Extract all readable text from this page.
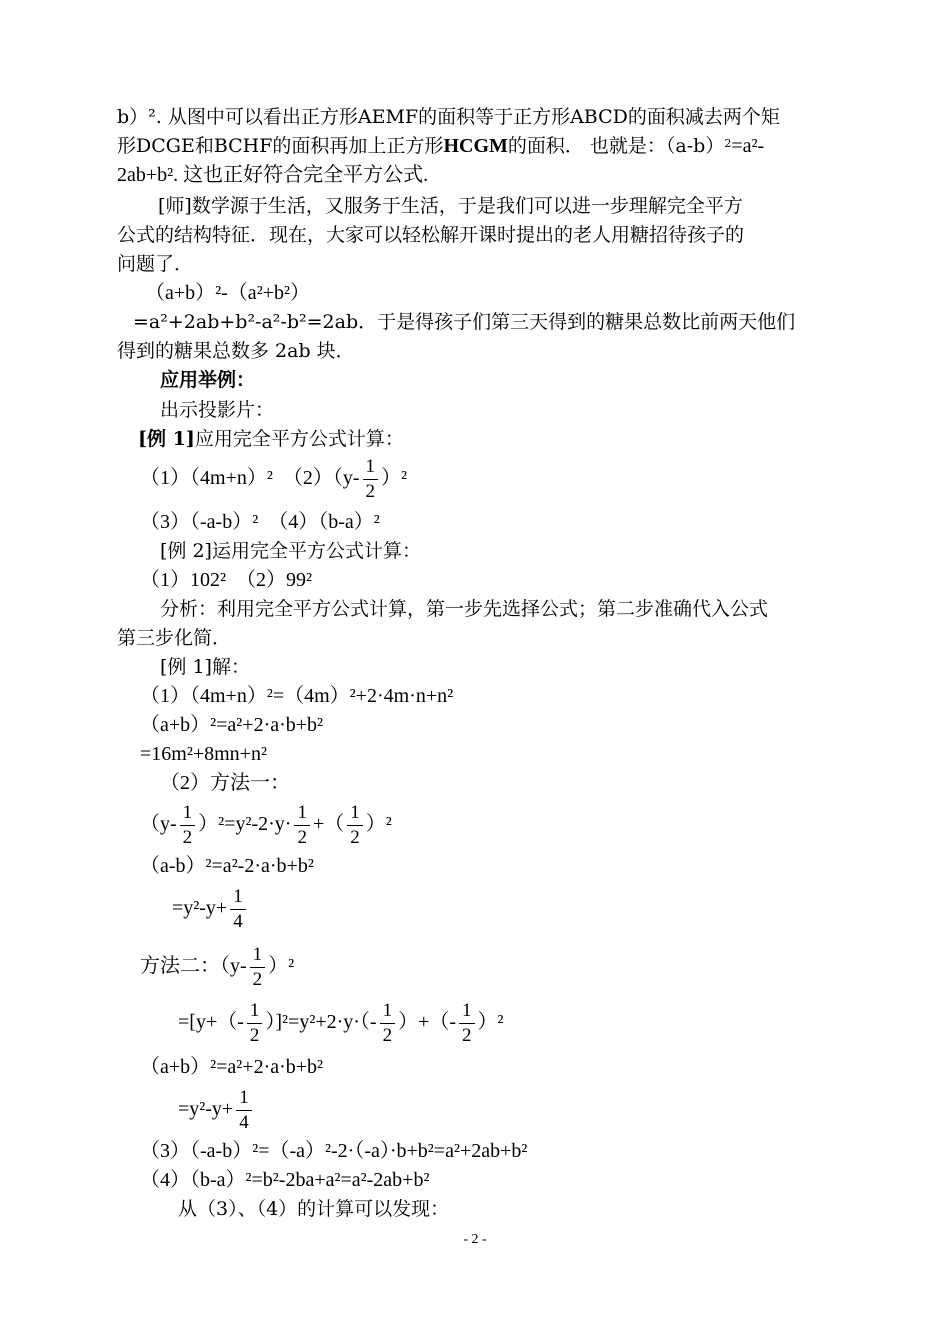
b）². 从图中可以看出正方形AEMF的面积等于正方形ABCD的面积减去两个矩
形DCGE和BCHF的面积再加上正方形HCGM的面积． 也就是：$(a-b)^2=a^2-$
2ab+b². 这也正好符合完全平方公式.
[师]数学源于生活，又服务于生活，于是我们可以进一步理解完全平方
公式的结构特征．现在，大家可以轻松解开课时提出的老人用糖招待孩子的
问题了．
（a+b）²-（a²+b²）
=a²+2ab+b²-a²-b²=2ab．于是得孩子们第三天得到的糖果总数比前两天他们
得到的糖果总数多 2ab 块．
应用举例：
出示投影片：
[例 1]应用完全平方公式计算：
（1）（4m+n）²　$(2)(y- \frac{1}{2} )^2$
（3）（-a-b）²　（4）（b-a）²
[例 2]运用完全平方公式计算：
（1）102²　（2）99²
分析：利用完全平方公式计算，第一步先选择公式；第二步准确代入公式
第三步化简．
[例 1]解：
（1）（4m+n）²=（4m）²+2·4m·n+n²
（a+b）²=a²+2·a·b+b²
=16m²+8mn+n²
（2）方法一：
$(y- \frac{1}{2} )^2=y^2-2\cdot y\cdot \frac{1}{2}$ +（ $\frac{1}{2} )^2$
（a-b）²=a²-2·a·b+b²
$=y^2-y+ \frac{1}{4}$
方法二：$(y- \frac{1}{2} )^2$
$=[y+(- \frac{1}{2} )]^2=y^2+2\cdot y\cdot(- \frac{1}{2}$ ）+（- $\frac{1}{2} )^2$
（a+b）²=a²+2·a·b+b²
$=y^2-y+ \frac{1}{4}$
（3）（-a-b）²=（-a）²-2·（-a）·b+b²=a²+2ab+b²
（4）（b-a）²=b²-2ba+a²=a²-2ab+b²
从（3）、（4）的计算可以发现：
- 2 -
